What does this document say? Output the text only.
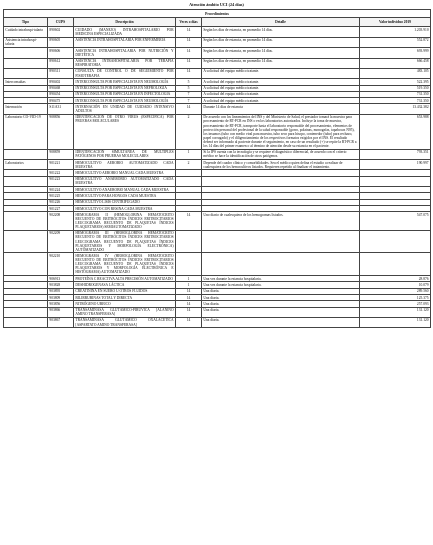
Atención ámbito UCI (24 días)
Procedimientos					
Tipo	CUPS	Descripción	Veces o días	Detalle	Valor individuo 2019
Cuidado intrahospi-talario	890602	CUIDADO (MANEJO) INTRAHOSPITALARIO POR MEDICINA ESPECIALIZADA	14	Según los días de estancia, en promedio 14 días.	1.203.910
Asistencia intrahospi-talaria	890605	ASISTENCIA INTRAHOSPITALARIA POR ENFERMERÍA	14	Según los días de estancia, en promedio 14 días.	552.872
	890606	ASISTENCIA INTRAHOSPITALARIA POR NUTRICIÓN Y DIETÉTICA	14	Según los días de estancia, en promedio 14 días.	693.999
	890612	ASISTENCIA INTRAHOSPITALARIA POR TERAPIA RESPIRATORIA	14	Según los días de estancia, en promedio 14 días.	666.458
	890311	CONSULTA DE CONTROL O DE SEGUIMIENTO POR FISIOTERAPIA	14	A solicitud del equipo médico tratante.	483.105
Interconsultas	890402	INTERCONSULTA POR ESPECIALISTA EN NEUMOLOGÍA	5	A solicitud del equipo médico tratante.	522.395
	890468	INTERCONSULTA POR ESPECIALISTA EN NEFROLOGÍA	5	A solicitud del equipo médico tratante.	519.350
	890454	INTERCONSULTA POR ESPECIALISTA EN INFECTOLOGÍA	7	A solicitud del equipo médico tratante.	731.350
	890475	INTERCONSULTA POR ESPECIALISTA EN NEUMOLOGÍA	7	A solicitud del equipo médico tratante.	731.350
Internación	S11A31	INTERNACIÓN EN UNIDAD DE CUIDADO INTENSIVO ADULTOS	14	Durante 14 días de estancia	13.432.382
Laboratorio CO-VID-19	908856	IDENTIFICACIÓN DE OTRO VIRUS (ESPECIFICA) POR PRUEBAS MOLECULARES	2	De acuerdo con los lineamientos del INS y del Ministerio de Salud, el prestador tomará la muestra para procesamiento de RT-PCR en INS o en los laboratorios autorizados. Incluye la toma de muestra, procesamiento de RT-PCR, transporte hasta el laboratorio responsable del procesamiento, elementos de protección personal del profesional de la salud responsable (gorro, polainas, monogafas, tapabocas N95), los insumos (tubo con medio viral para muestra, tubo seco para hisopo, contenedor (tubo) para rechazo, papel corrugado) y el diligenciamiento de los respectivos formatos exigidos por el INS. El resultado deberá ser informado al paciente durante el seguimiento, en caso de un resultado (+) se repite la RT-PCR a los 14 días del primer examen o al término de atención desde su estancia en el paciente.	653.988
	908859	IDENTIFICACIÓN SIMULTÁNEA DE MÚLTIPLES PATÓGENOS POR PRUEBAS MOLECULARES	1	Si la IPS cuenta con la tecnología y se requiere el diagnóstico diferencial, de acuerdo con el criterio médico se hace la identificación de otros patógenos.	793.351
Laboratorios	901221	HEMOCULTIVO AEROBIO AUTOMATIZADO CADA MUESTRA	2	Depende del cuadro clínico y comorbilidades. Sea el médico quien defina el estudio a realizar de cualesquiera de los hemocultivos listados. Requieren repetido al finalizar el tratamiento.	190.997
	901222	HEMOCULTIVO AEROBIO MANUAL CADA MUESTRA			
	901223	HEMOCULTIVO ANAEROBIO AUTOMATIZADO CADA MUESTRA			
	901224	HEMOCULTIVO ANAEROBIO MANUAL CADA MUESTRA			
	901225	HEMOCULTIVO PARA HONGOS CADA MUESTRA			
	901226	HEMOCULTIVO LISIS CENTRIFUGADO			
	901227	HEMOCULTIVO CON RESINA CADA MUESTRA			
	902208	HEMOGRAMA II (HEMOGLOBINA HEMATOCRITO RECUENTO DE ERITROCITOS ÍNDICES ERITROCITARIOS LEUCOGRAMA RECUENTO DE PLAQUETAS ÍNDICES PLAQUETARIOS) SEMIAUTOMATIZADO	14	Uno diario de cualesquiera de los hemogramas listados.	547.075
	902209	HEMOGRAMA III (HEMOGLOBINA HEMATOCRITO RECUENTO DE ERITROCITOS ÍNDICES ERITROCITARIOS LEUCOGRAMA RECUENTO DE PLAQUETAS ÍNDICES PLAQUETARIOS Y MORFOLOGÍA ELECTRÓNICA) AUTOMATIZADO			
	902210	HEMOGRAMA IV (HEMOGLOBINA HEMATOCRITO RECUENTO DE ERITROCITOS ÍNDICES ERITROCITARIOS LEUCOGRAMA RECUENTO DE PLAQUETAS ÍNDICES PLAQUETARIOS Y MORFOLOGÍA ELECTRÓNICA E HISTOGRAMA) AUTOMATIZADO			
	906913	PROTEÍNA C REACTIVA ALTA PRECISIÓN AUTOMATIZADO	1	Una vez durante la estancia hospitalaria.	28.876
	903828	DESHIDROGENASA LÁCTICA	1	Una vez durante la estancia hospitalaria.	10.079
	903895	CREATININA EN SUERO U OTROS FLUIDOS	14	Una diaria.	289.560
	903809	BILIRRUBINAS TOTAL Y DIRECTA	14	Una diaria.	125.375
	903856	NITRÓGENO UREICO	14	Una diaria.	257.093
	903866	TRANSAMINASA GLUTÁMICO-PIRÚVICA [ALANINO AMINO TRANSFERASA]	14	Una diaria.	131.120
	903867	TRANSAMINASA GLUTÁMICO OXALACÉTICA [ASPARTATO AMINO TRANSFERASA]	14	Una diaria.	131.120
